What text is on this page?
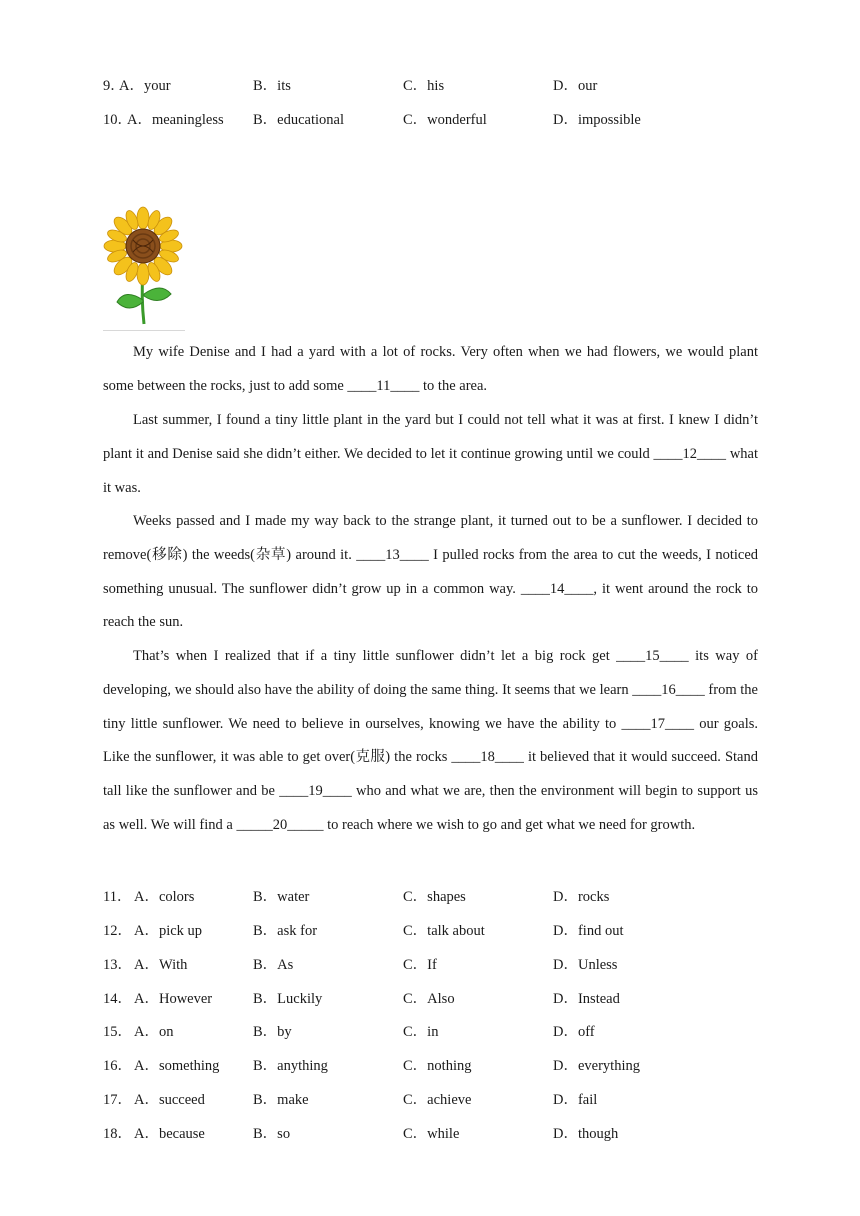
9．
A．your	B．its	C．his	D．our
10．
A．meaningless B．educational	C．wonderful	D．impossible

My wife Denise and I had a yard with a lot of rocks. Very often when we had flowers, we would plant some between the rocks, just to add some ____11____ to the area.

Last summer, I found a tiny little plant in the yard but I could not tell what it was at first. I knew I didn’t plant it and Denise said she didn’t either. We decided to let it continue growing until we could ____12____ what it was.

Weeks passed and I made my way back to the strange plant, it turned out to be a sunflower. I decided to remove(移除) the weeds(杂草) around it. ____13____ I pulled rocks from the area to cut the weeds, I noticed something unusual. The sunflower didn’t grow up in a common way. ____14____, it went around the rock to reach the sun.

That’s when I realized that if a tiny little sunflower didn’t let a big rock get ____15____ its way of developing, we should also have the ability of doing the same thing. It seems that we learn ____16____ from the tiny little sunflower. We need to believe in ourselves, knowing we have the ability to ____17____ our goals. Like the sunflower, it was able to get over(克服) the rocks ____18____ it believed that it would succeed. Stand tall like the sunflower and be ____19____ who and what we are, then the environment will begin to support us as well. We will find a _____20_____ to reach where we wish to go and get what we need for growth.

11． A．colors	B．water	C．shapes	D．rocks
12． A．pick up	B．ask for	C．talk about	D．find out
13． A．With	B．As	C．If	D．Unless
14． A．However	B．Luckily	C．Also	D．Instead
15． A．on	B．by	C．in	D．off
16． A．something B．anything	C．nothing	D．everything
17． A．succeed	B．make	C．achieve	D．fail
18． A．because	B．so	C．while	D．though
